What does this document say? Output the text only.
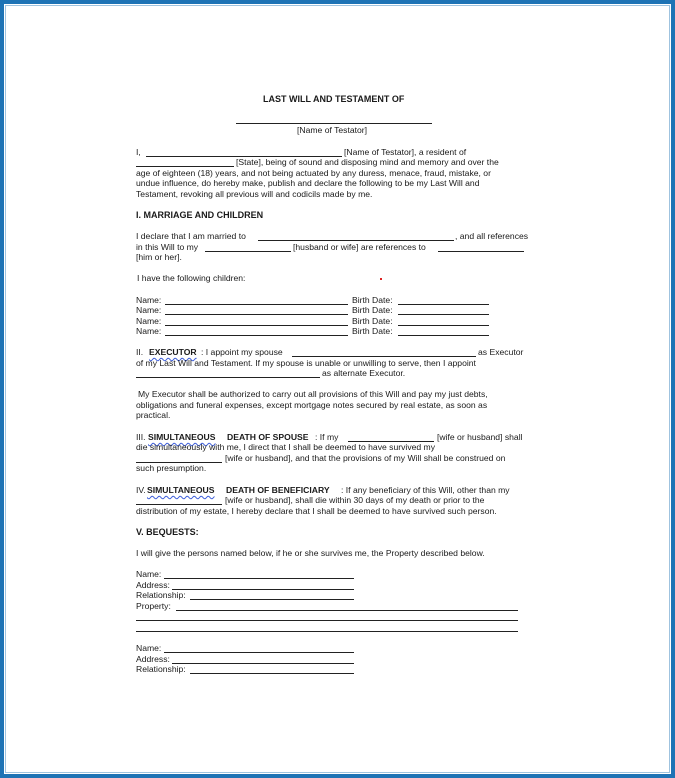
LAST WILL AND TESTAMENT OF
[Name of Testator]
I,	[Name of Testator], a resident of
[State], being of sound and disposing mind and memory and over the
age of eighteen (18) years, and not being actuated by any duress, menace, fraud, mistake, or
undue influence, do hereby make, publish and declare the following to be my Last Will and
Testament, revoking all previous will and codicils made by me.
I. MARRIAGE AND CHILDREN
I declare that I am married to	, and all references
in this Will to my	[husband or wife] are references to
[him or her].
I have the following children:
Name:	Birth Date:
Name:	Birth Date:
Name:	Birth Date:
Name:	Birth Date:
II. EXECUTOR : I appoint my spouse	as Executor
of my Last Will and Testament. If my spouse is unable or unwilling to serve, then I appoint
as alternate Executor.
My Executor shall be authorized to carry out all provisions of this Will and pay my just debts,
obligations and funeral expenses, except mortgage notes secured by real estate, as soon as
practical.
III. SIMULTANEOUS DEATH OF SPOUSE : If my	[wife or husband] shall
die simultaneously with me, I direct that I shall be deemed to have survived my
[wife or husband], and that the provisions of my Will shall be construed on
such presumption.
IV. SIMULTANEOUS DEATH OF BENEFICIARY : If any beneficiary of this Will, other than my
[wife or husband], shall die within 30 days of my death or prior to the
distribution of my estate, I hereby declare that I shall be deemed to have survived such person.
V. BEQUESTS:
I will give the persons named below, if he or she survives me, the Property described below.
Name:
Address:
Relationship:
Property:
Name:
Address:
Relationship:
